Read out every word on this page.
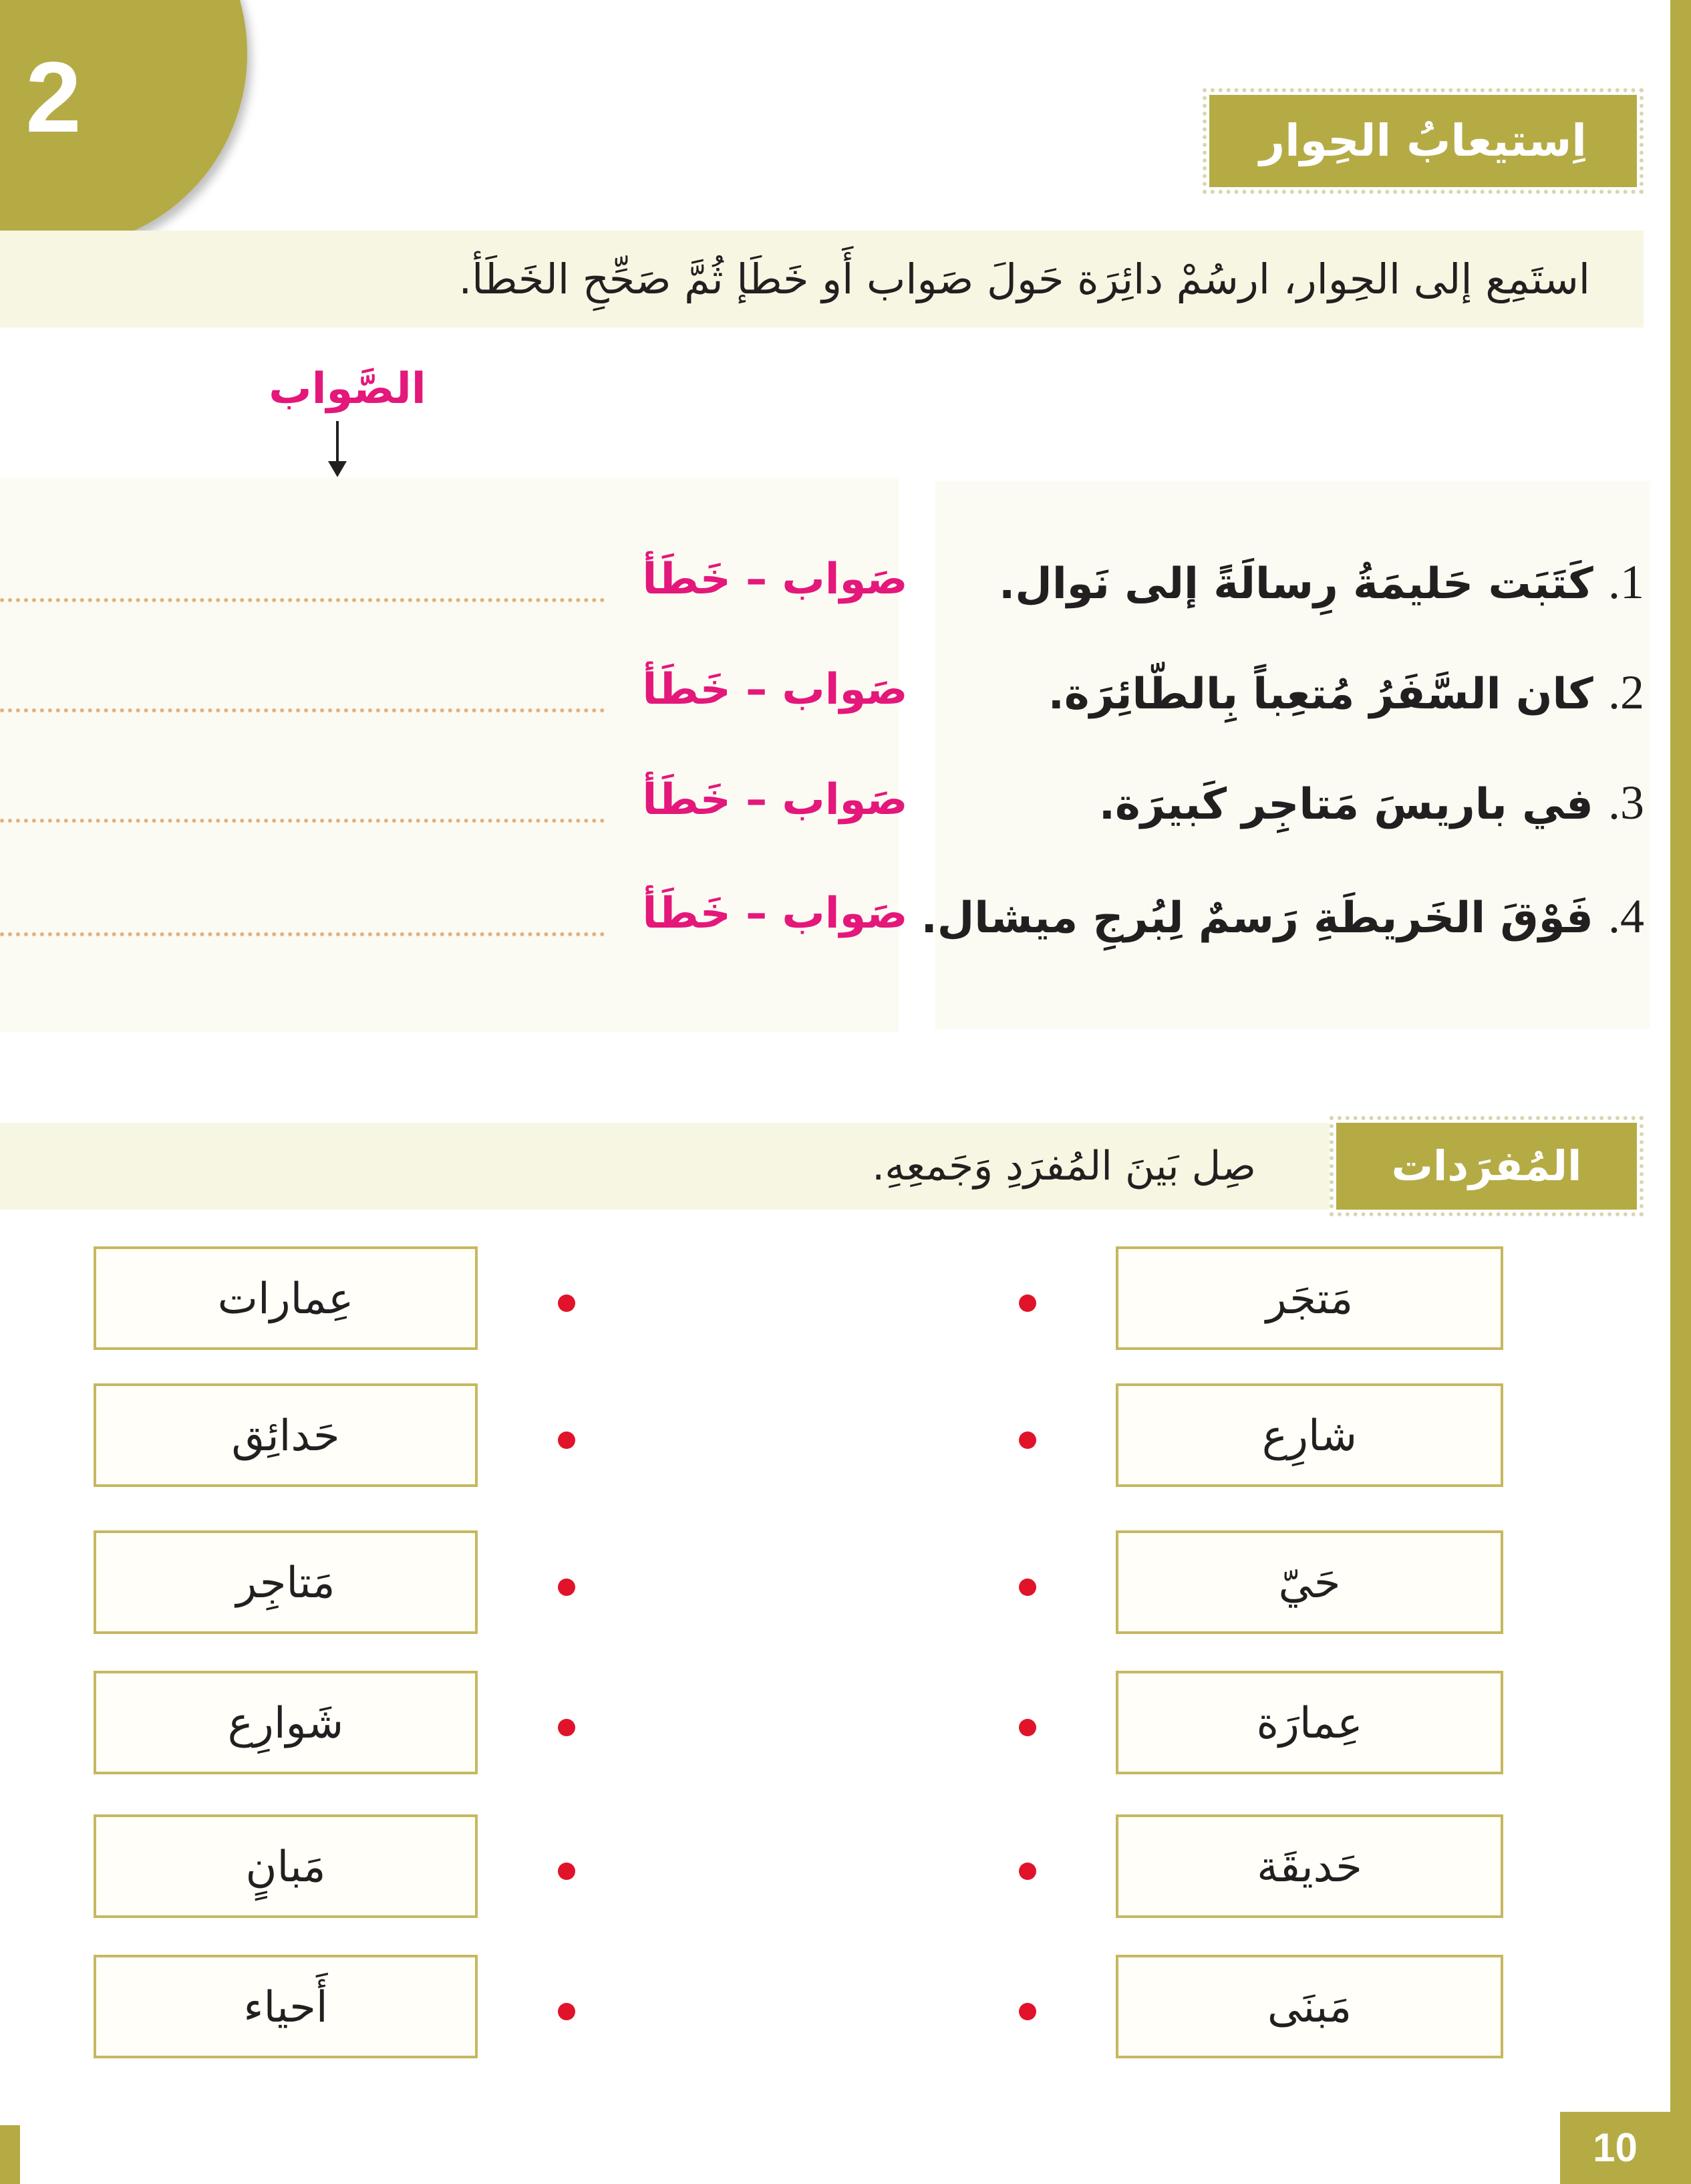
2	اِستيعابُ الحِوار
استَمِع إلى الحِوار، ارسُمْ دائِرَة حَولَ صَواب أَو خَطَإ ثُمَّ صَحِّحِ الخَطَأ.
الصَّواب
1. كَتَبَت حَليمَةُ رِسالَةً إلى نَوال.
صَواب – خَطَأ
2. كان السَّفَرُ مُتعِباً بِالطّائِرَة.
صَواب – خَطَأ
3. في باريسَ مَتاجِر كَبيرَة.
صَواب – خَطَأ
4. فَوْقَ الخَريطَةِ رَسمٌ لِبُرجِ ميشال.
صَواب – خَطَأ
صِل بَينَ المُفرَدِ وَجَمعِهِ.	المُفرَدات
عِمارات	مَتجَر
حَدائِق	شارِع
مَتاجِر	حَيّ
شَوارِع	عِمارَة
مَبانٍ	حَديقَة
أَحياء	مَبنَى
10
